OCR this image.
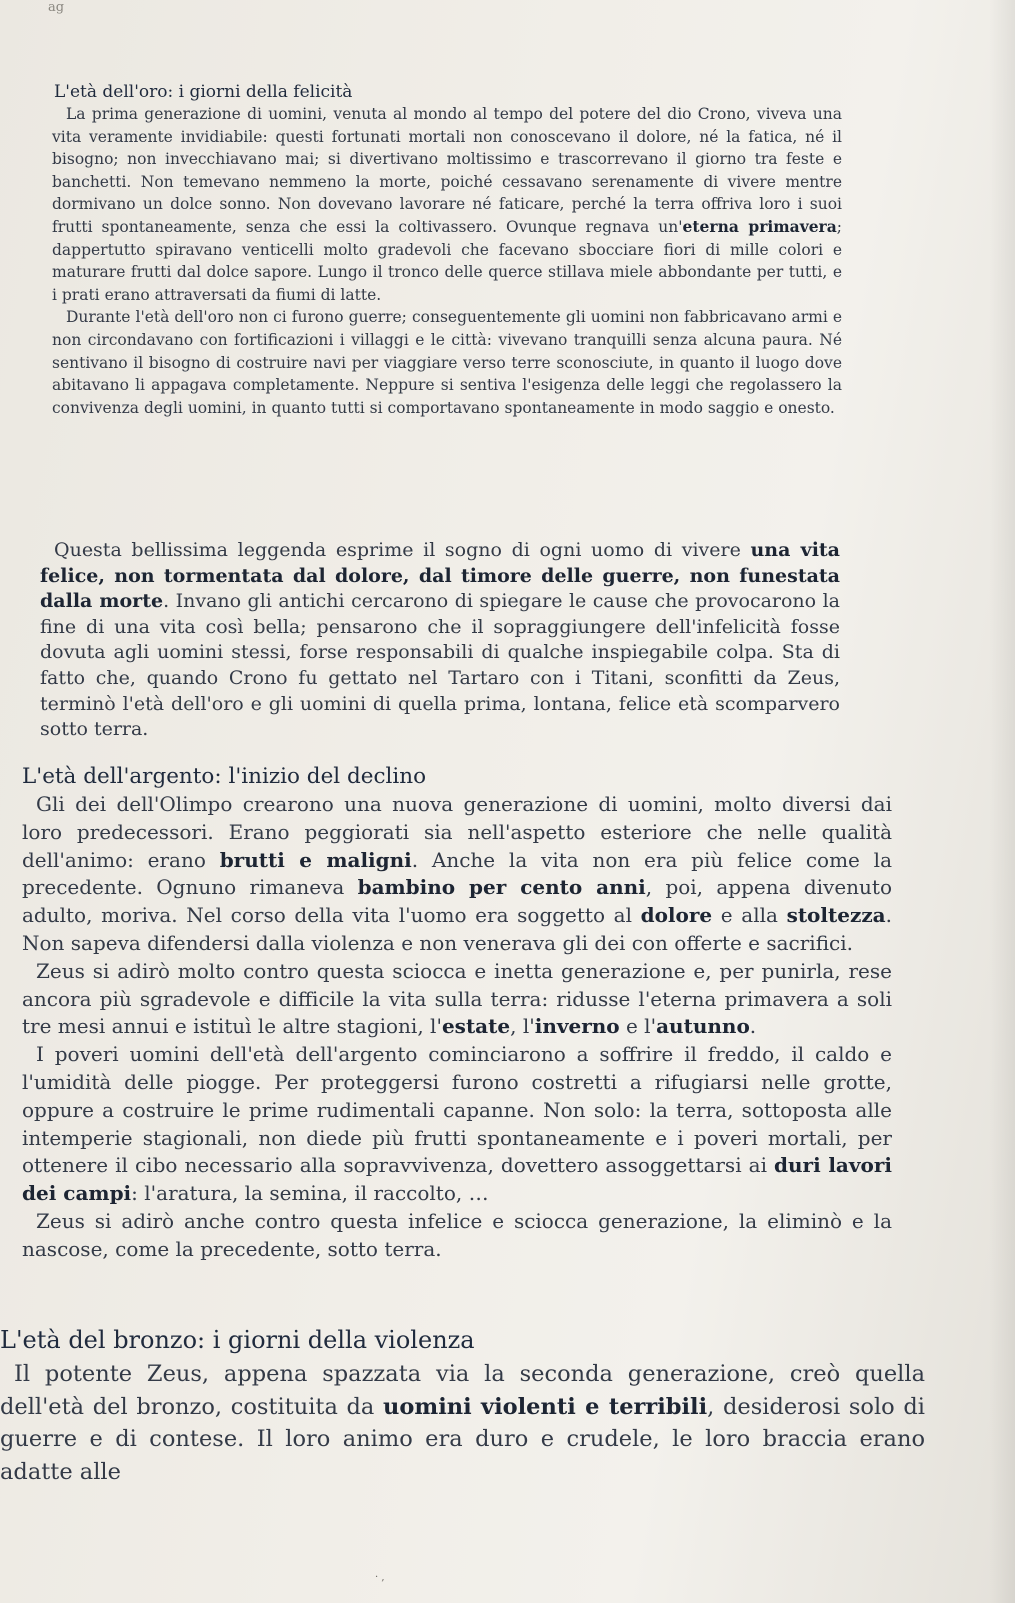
ag
L'età dell'oro: i giorni della felicità

La prima generazione di uomini, venuta al mondo al tempo del potere del dio Crono, viveva una vita veramente invidiabile: questi fortunati mortali non conoscevano il dolore, né la fatica, né il bisogno; non invecchiavano mai; si divertivano moltissimo e trascorrevano il giorno tra feste e banchetti. Non temevano nemmeno la morte, poiché cessavano serenamente di vivere mentre dormivano un dolce sonno. Non dovevano lavorare né faticare, perché la terra offriva loro i suoi frutti spontaneamente, senza che essi la coltivassero. Ovunque regnava un'eterna primavera; dappertutto spiravano venticelli molto gradevoli che facevano sbocciare fiori di mille colori e maturare frutti dal dolce sapore. Lungo il tronco delle querce stillava miele abbondante per tutti, e i prati erano attraversati da fiumi di latte.

Durante l'età dell'oro non ci furono guerre; conseguentemente gli uomini non fabbricavano armi e non circondavano con fortificazioni i villaggi e le città: vivevano tranquilli senza alcuna paura. Né sentivano il bisogno di costruire navi per viaggiare verso terre sconosciute, in quanto il luogo dove abitavano li appagava completamente. Neppure si sentiva l'esigenza delle leggi che regolassero la convivenza degli uomini, in quanto tutti si comportavano spontaneamente in modo saggio e onesto.

Questa bellissima leggenda esprime il sogno di ogni uomo di vivere una vita felice, non tormentata dal dolore, dal timore delle guerre, non funestata dalla morte. Invano gli antichi cercarono di spiegare le cause che provocarono la fine di una vita così bella; pensarono che il sopraggiungere dell'infelicità fosse dovuta agli uomini stessi, forse responsabili di qualche inspiegabile colpa. Sta di fatto che, quando Crono fu gettato nel Tartaro con i Titani, sconfitti da Zeus, terminò l'età dell'oro e gli uomini di quella prima, lontana, felice età scomparvero sotto terra.

L'età dell'argento: l'inizio del declino

Gli dei dell'Olimpo crearono una nuova generazione di uomini, molto diversi dai loro predecessori. Erano peggiorati sia nell'aspetto esteriore che nelle qualità dell'animo: erano brutti e maligni. Anche la vita non era più felice come la precedente. Ognuno rimaneva bambino per cento anni, poi, appena divenuto adulto, moriva. Nel corso della vita l'uomo era soggetto al dolore e alla stoltezza. Non sapeva difendersi dalla violenza e non venerava gli dei con offerte e sacrifici.

Zeus si adirò molto contro questa sciocca e inetta generazione e, per punirla, rese ancora più sgradevole e difficile la vita sulla terra: ridusse l'eterna primavera a soli tre mesi annui e istituì le altre stagioni, l'estate, l'inverno e l'autunno.

I poveri uomini dell'età dell'argento cominciarono a soffrire il freddo, il caldo e l'umidità delle piogge. Per proteggersi furono costretti a rifugiarsi nelle grotte, oppure a costruire le prime rudimentali capanne. Non solo: la terra, sottoposta alle intemperie stagionali, non diede più frutti spontaneamente e i poveri mortali, per ottenere il cibo necessario alla sopravvivenza, dovettero assoggettarsi ai duri lavori dei campi: l'aratura, la semina, il raccolto, …

Zeus si adirò anche contro questa infelice e sciocca generazione, la eliminò e la nascose, come la precedente, sotto terra.

L'età del bronzo: i giorni della violenza

Il potente Zeus, appena spazzata via la seconda generazione, creò quella dell'età del bronzo, costituita da uomini violenti e terribili, desiderosi solo di guerre e di contese. Il loro animo era duro e crudele, le loro braccia erano adatte alle

· ,
